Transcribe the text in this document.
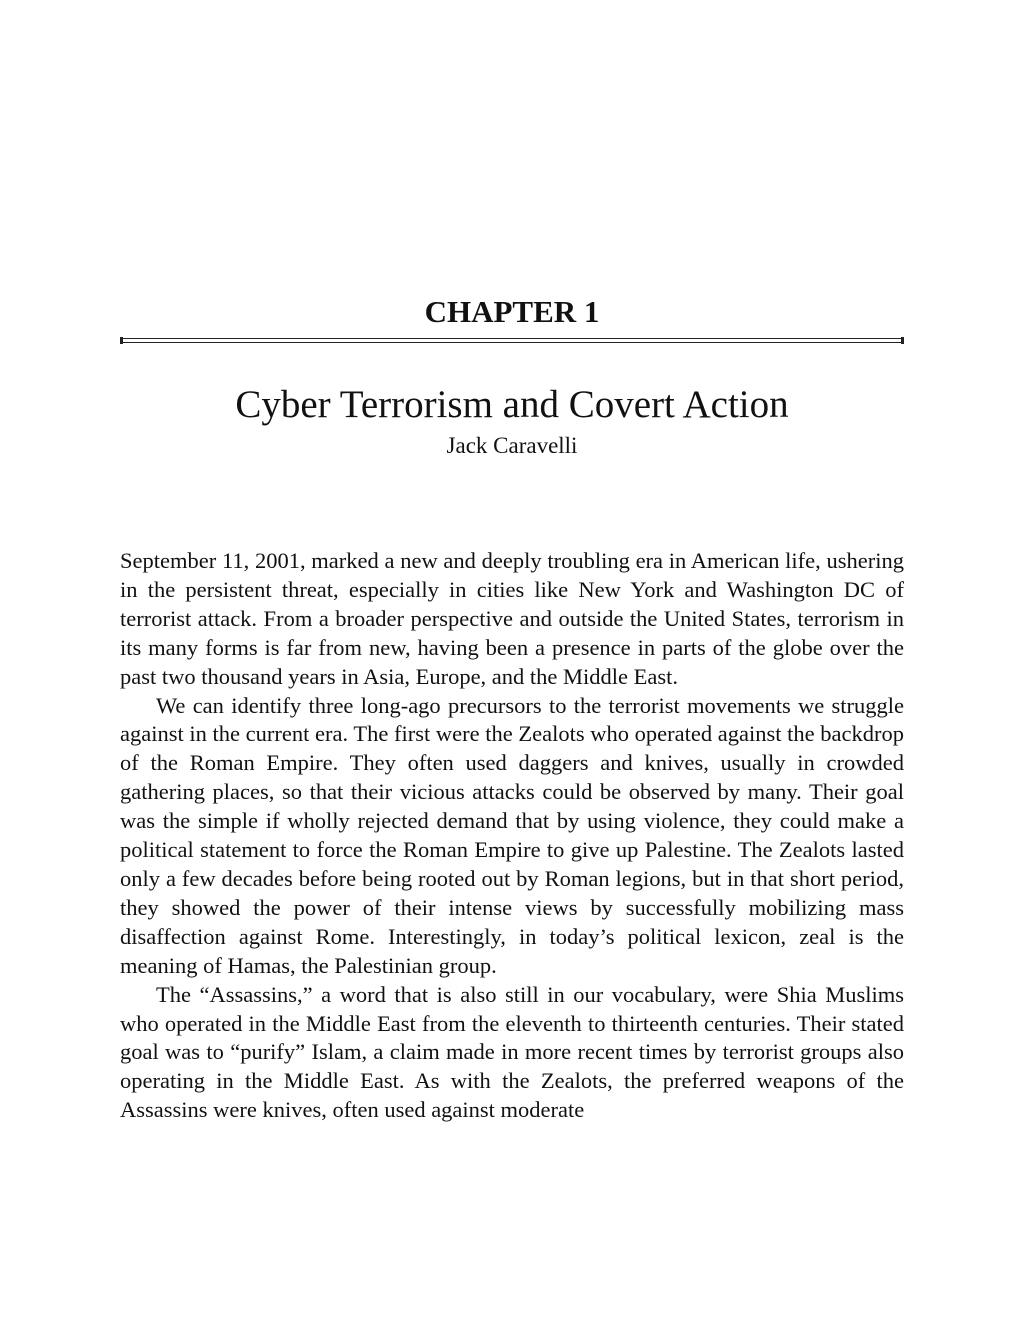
CHAPTER 1
Cyber Terrorism and Covert Action
Jack Caravelli

September 11, 2001, marked a new and deeply troubling era in American life, ushering in the persistent threat, especially in cities like New York and Washington DC of terrorist attack. From a broader perspective and outside the United States, terrorism in its many forms is far from new, having been a presence in parts of the globe over the past two thousand years in Asia, Europe, and the Middle East.

We can identify three long-ago precursors to the terrorist movements we struggle against in the current era. The first were the Zealots who operated against the backdrop of the Roman Empire. They often used daggers and knives, usually in crowded gathering places, so that their vicious attacks could be observed by many. Their goal was the simple if wholly rejected demand that by using violence, they could make a political statement to force the Roman Empire to give up Palestine. The Zealots lasted only a few decades before being rooted out by Roman legions, but in that short period, they showed the power of their intense views by successfully mobilizing mass disaffection against Rome. Interestingly, in today’s political lexicon, zeal is the meaning of Hamas, the Palestinian group.

The “Assassins,” a word that is also still in our vocabulary, were Shia Muslims who operated in the Middle East from the eleventh to thirteenth centuries. Their stated goal was to “purify” Islam, a claim made in more recent times by terrorist groups also operating in the Middle East. As with the Zealots, the preferred weapons of the Assassins were knives, often used against moderate
